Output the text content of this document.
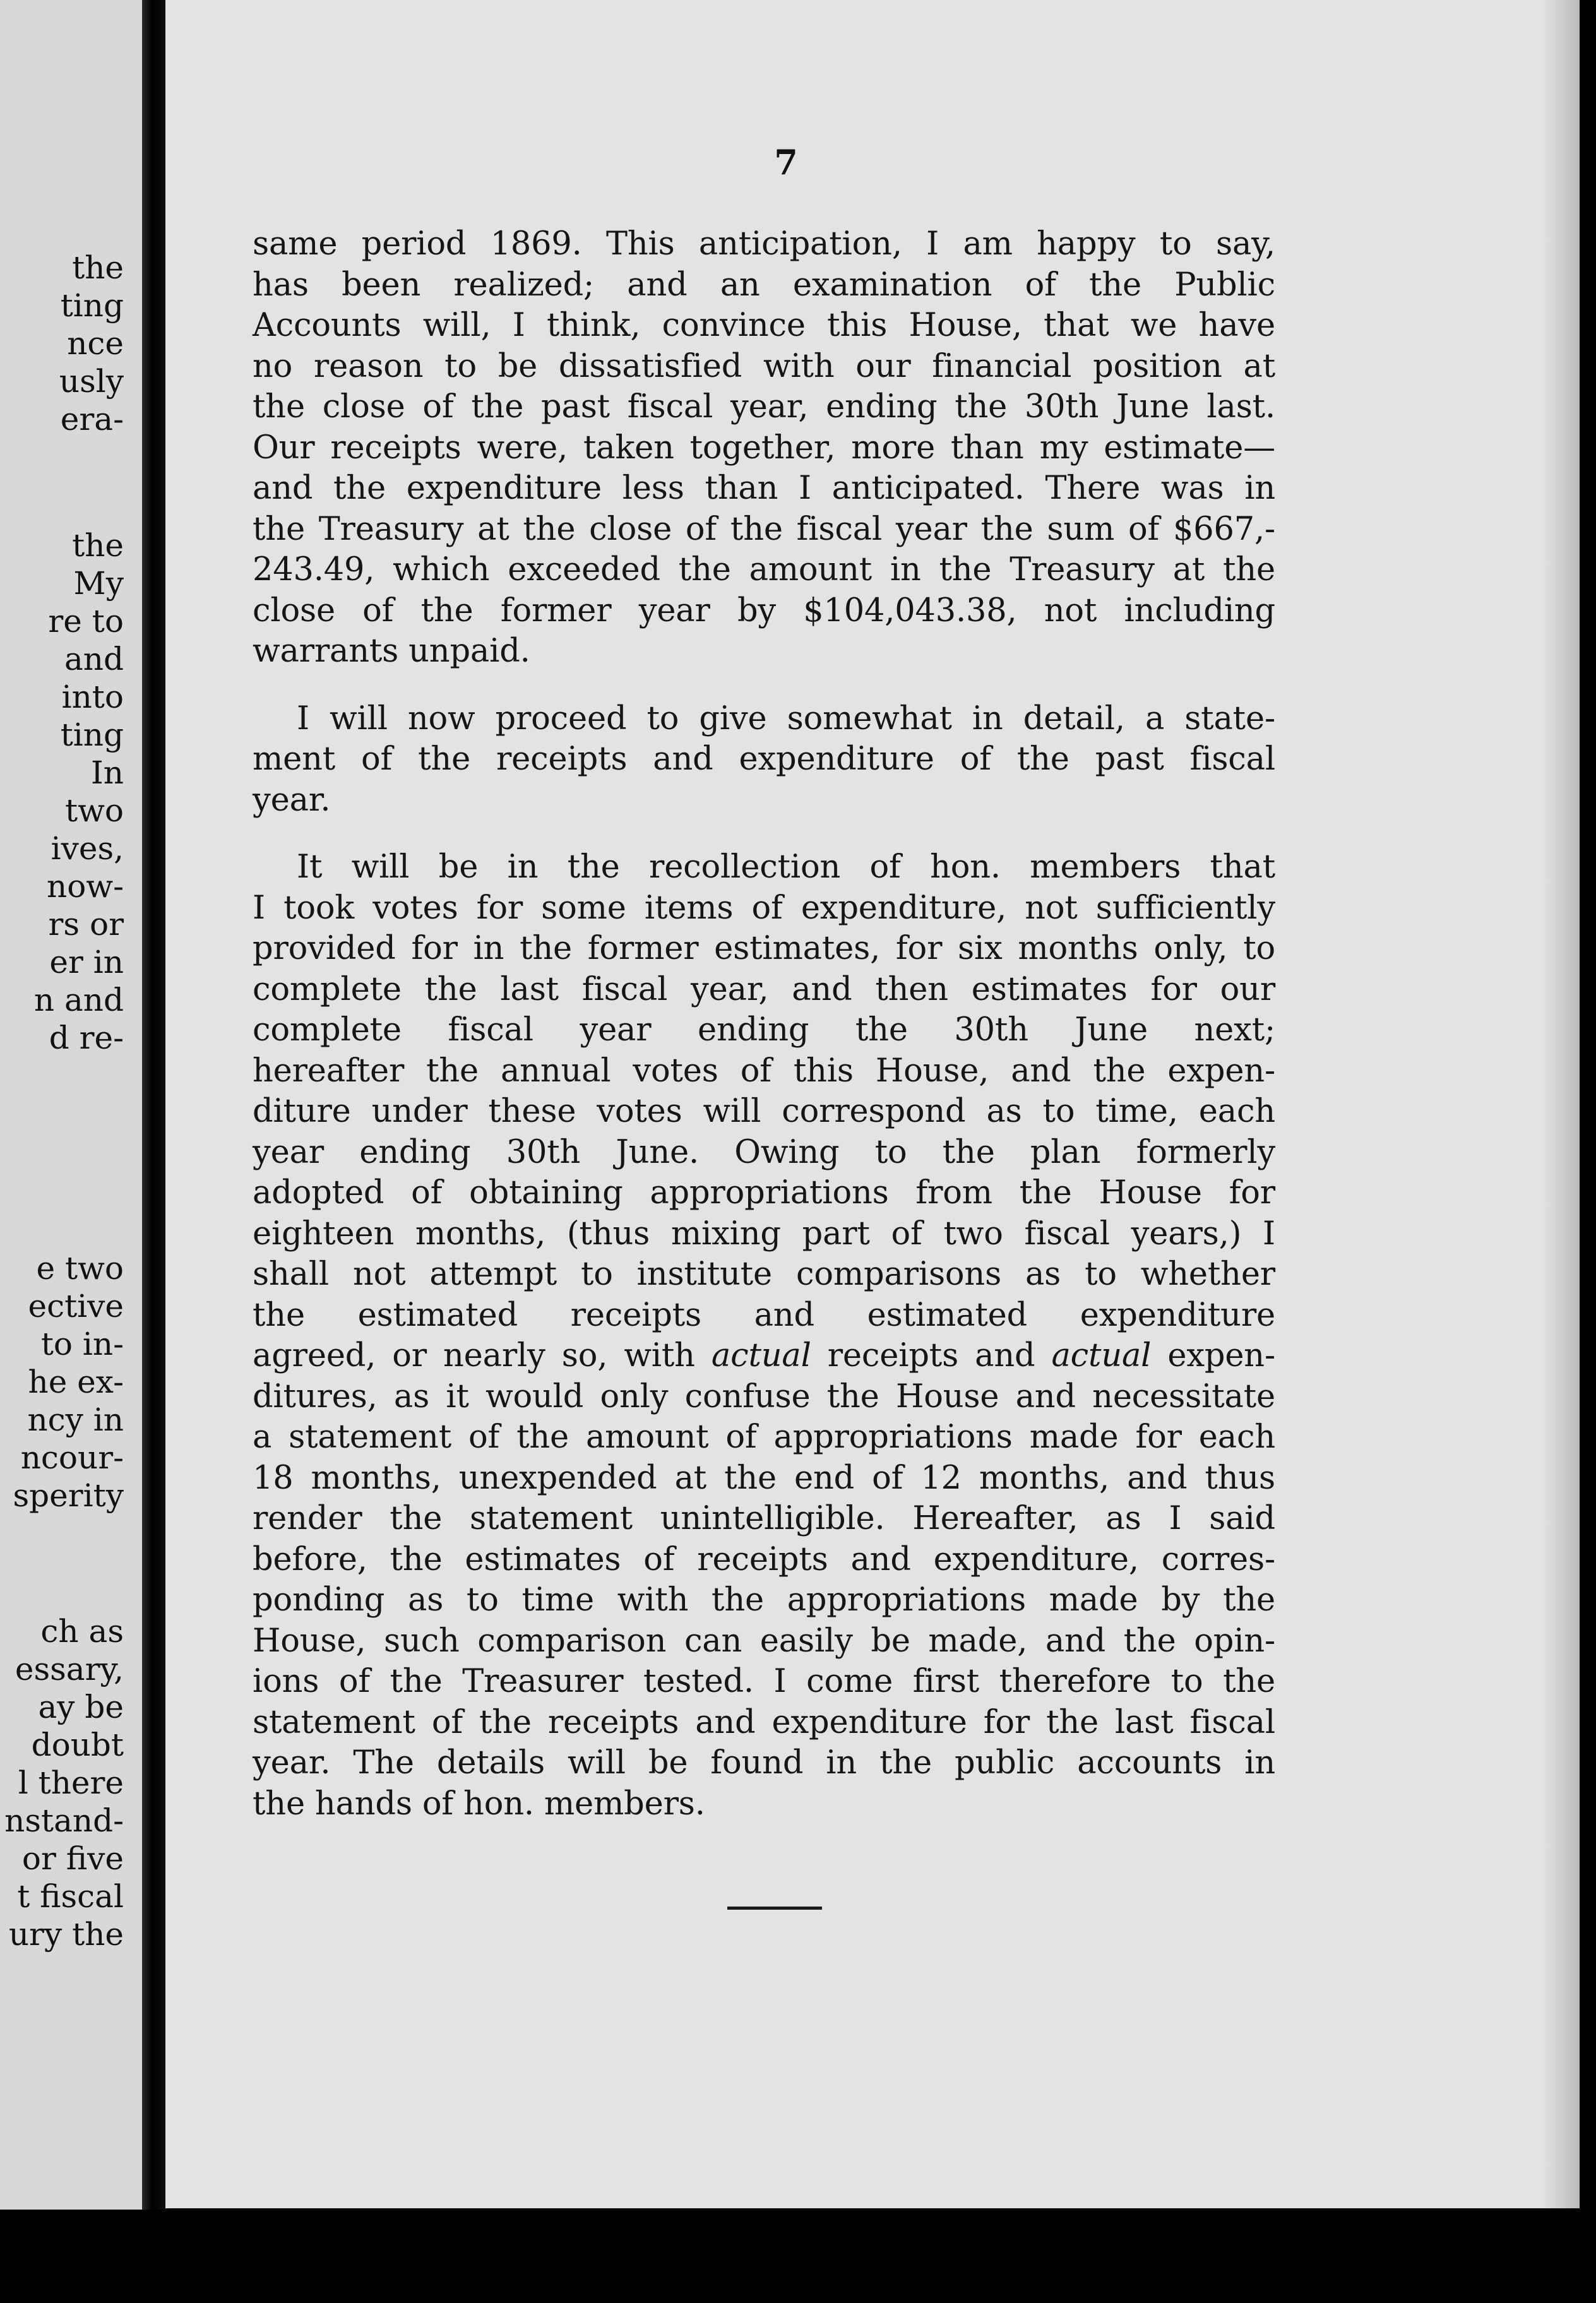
the
ting
nce
usly
era-
the
My
re to
and
into
ting
In
two
ives,
now-
rs or
er in
n and
d re-
e two
ective
to in-
he ex-
ncy in
ncour-
sperity
ch as
essary,
ay be
doubt
l there
nstand-
or five
t fiscal
ury the
7

same period 1869. This anticipation, I am happy to say,
has been realized; and an examination of the Public
Accounts will, I think, convince this House, that we have
no reason to be dissatisfied with our financial position at
the close of the past fiscal year, ending the 30th June last.
Our receipts were, taken together, more than my estimate—
and the expenditure less than I anticipated. There was in
the Treasury at the close of the fiscal year the sum of $667,-
243.49, which exceeded the amount in the Treasury at the
close of the former year by $104,043.38, not including
warrants unpaid.

I will now proceed to give somewhat in detail, a state-
ment of the receipts and expenditure of the past fiscal
year.

It will be in the recollection of hon. members that
I took votes for some items of expenditure, not sufficiently
provided for in the former estimates, for six months only, to
complete the last fiscal year, and then estimates for our
complete fiscal year ending the 30th June next;
hereafter the annual votes of this House, and the expen-
diture under these votes will correspond as to time, each
year ending 30th June. Owing to the plan formerly
adopted of obtaining appropriations from the House for
eighteen months, (thus mixing part of two fiscal years,) I
shall not attempt to institute comparisons as to whether
the estimated receipts and estimated expenditure
agreed, or nearly so, with actual receipts and actual expen-
ditures, as it would only confuse the House and necessitate
a statement of the amount of appropriations made for each
18 months, unexpended at the end of 12 months, and thus
render the statement unintelligible. Hereafter, as I said
before, the estimates of receipts and expenditure, corres-
ponding as to time with the appropriations made by the
House, such comparison can easily be made, and the opin-
ions of the Treasurer tested. I come first therefore to the
statement of the receipts and expenditure for the last fiscal
year. The details will be found in the public accounts in
the hands of hon. members.
